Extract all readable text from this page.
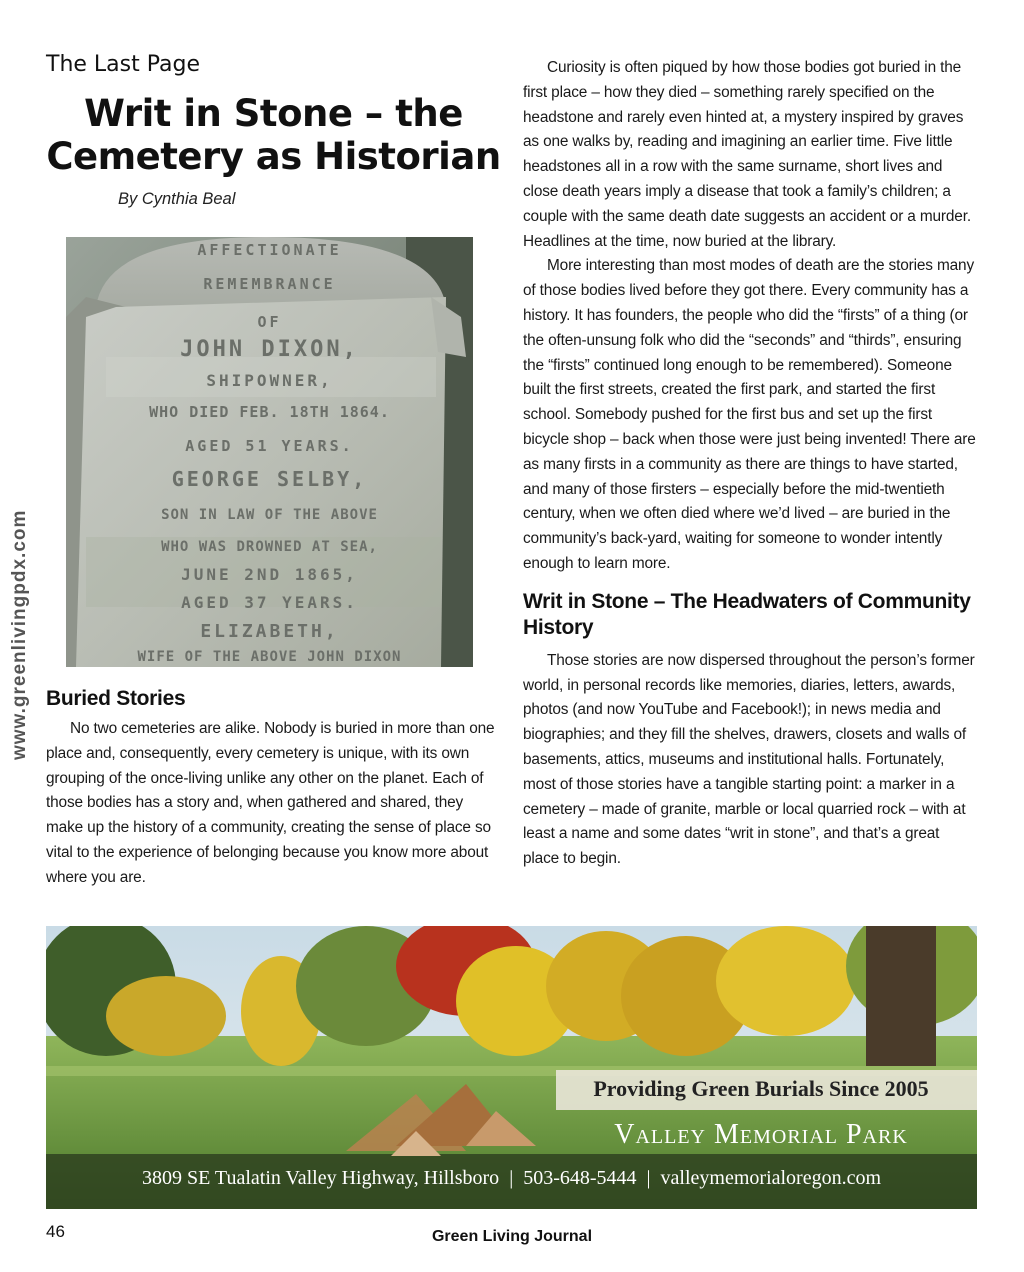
The Last Page
Writ in Stone – the
Cemetery as Historian
By Cynthia Beal
www.greenlivingpdx.com
AFFECTIONATE
REMEMBRANCE
OF
JOHN DIXON,
SHIPOWNER,
WHO DIED FEB. 18TH 1864.
AGED 51 YEARS.
GEORGE SELBY,
SON IN LAW OF THE ABOVE
WHO WAS DROWNED AT SEA,
JUNE 2ND 1865,
AGED 37 YEARS.
ELIZABETH,
WIFE OF THE ABOVE JOHN DIXON
Buried Stories

No two cemeteries are alike. Nobody is buried in more than one place and, consequently, every cemetery is unique, with its own grouping of the once-living unlike any other on the planet. Each of those bodies has a story and, when gathered and shared, they make up the history of a community, creating the sense of place so vital to the experience of belonging because you know more about where you are.

Curiosity is often piqued by how those bodies got buried in the first place – how they died – something rarely specified on the headstone and rarely even hinted at, a mystery inspired by graves as one walks by, reading and imagining an earlier time. Five little headstones all in a row with the same surname, short lives and close death years imply a disease that took a family’s children; a couple with the same death date suggests an accident or a murder. Headlines at the time, now buried at the library.

More interesting than most modes of death are the stories many of those bodies lived before they got there. Every community has a history. It has founders, the people who did the “firsts” of a thing (or the often-unsung folk who did the “seconds” and “thirds”, ensuring the “firsts” continued long enough to be remembered). Someone built the first streets, created the first park, and started the first school. Somebody pushed for the first bus and set up the first bicycle shop – back when those were just being invented! There are as many firsts in a community as there are things to have started, and many of those firsters – especially before the mid-twentieth century, when we often died where we’d lived – are buried in the community’s back-yard, waiting for someone to wonder intently enough to learn more.

Writ in Stone – The Headwaters of Community History

Those stories are now dispersed throughout the person’s former world, in personal records like memories, diaries, letters, awards, photos (and now YouTube and Facebook!); in news media and biographies; and they fill the shelves, drawers, closets and walls of basements, attics, museums and institutional halls. Fortunately, most of those stories have a tangible starting point: a marker in a cemetery – made of granite, marble or local quarried rock – with at least a name and some dates “writ in stone”, and that’s a great place to begin.

Providing Green Burials Since 2005
Valley Memorial Park
3809 SE Tualatin Valley Highway, Hillsboro | 503-648-5444 | valleymemorialoregon.com
46	Green Living Journal
